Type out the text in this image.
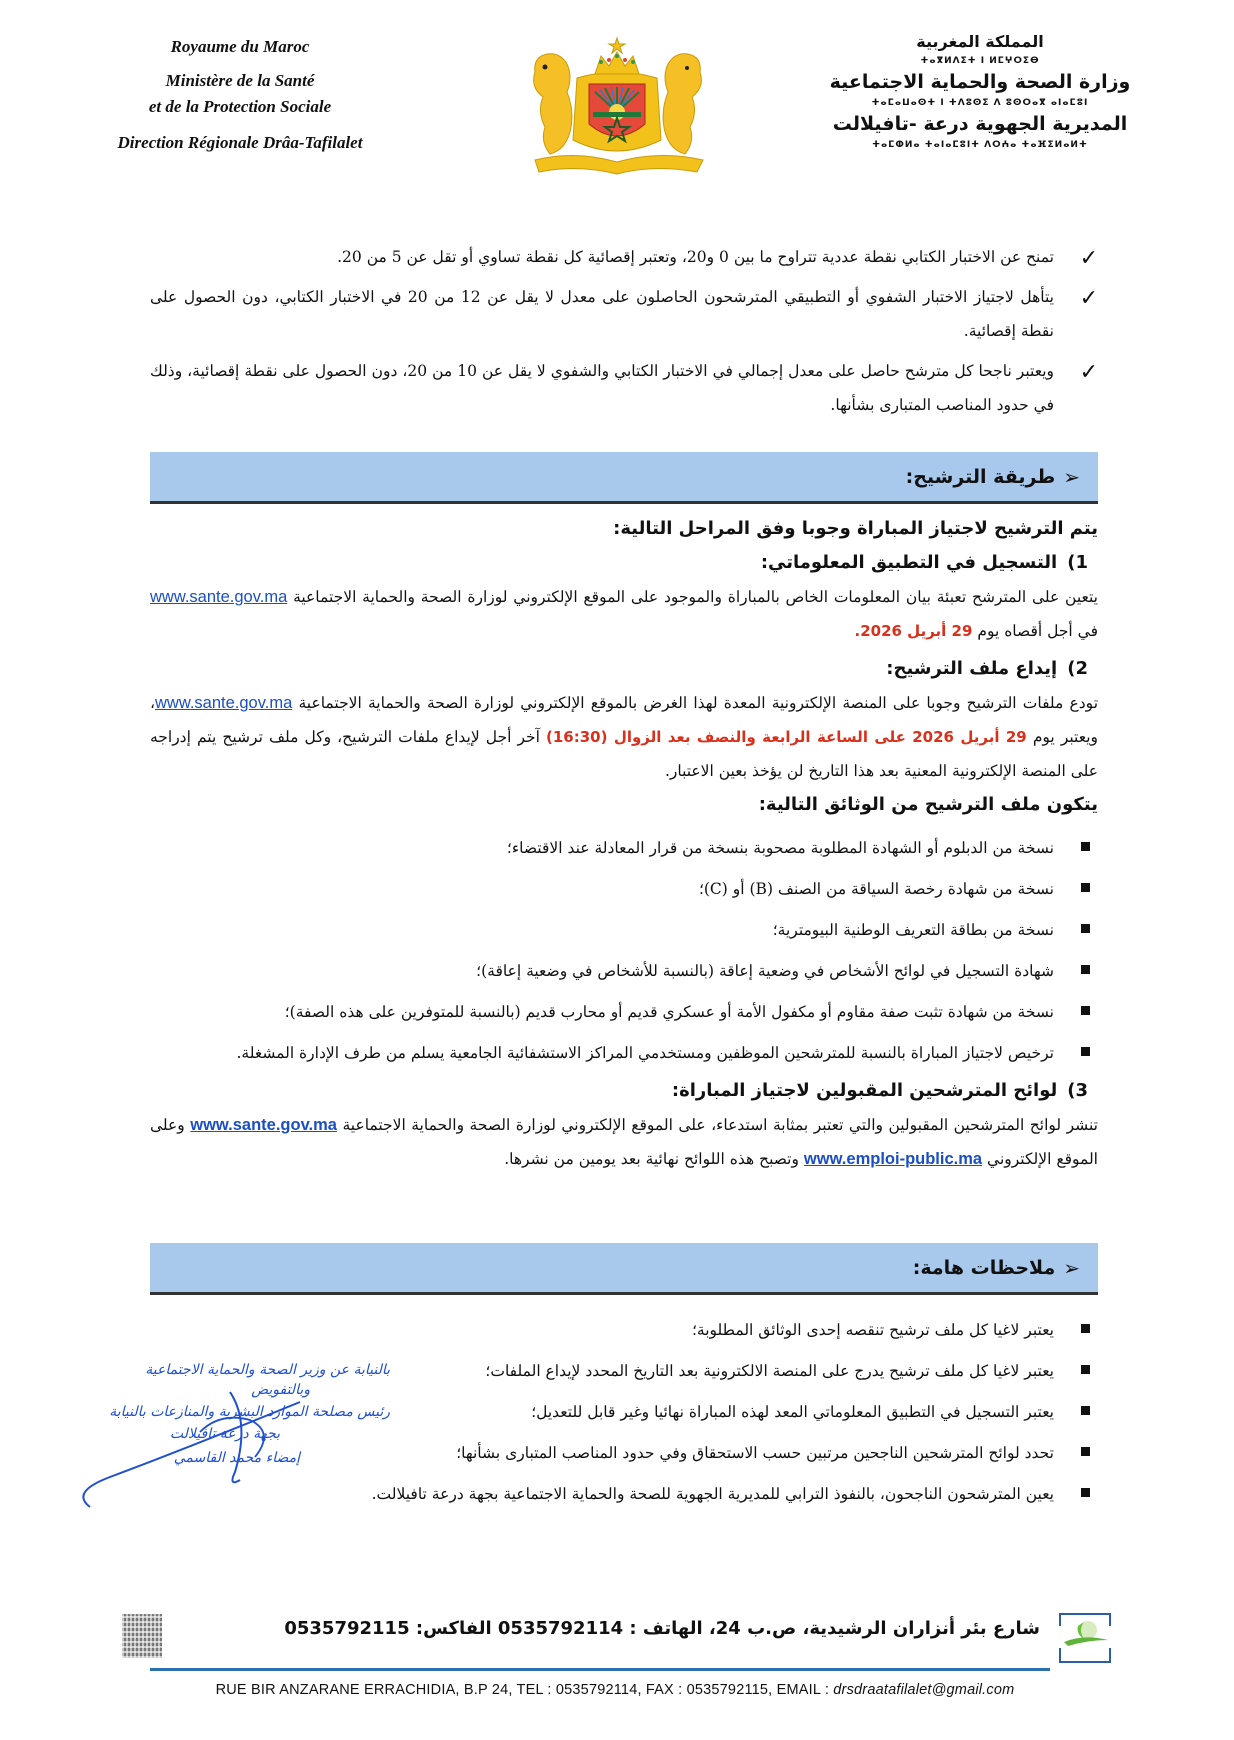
Royaume du Maroc
Ministère de la Santé
et de la Protection Sociale
Direction Régionale Drâa-Tafilalet
المملكة المغربية
ⵜⴰⴳⵍⴷⵉⵜ ⵏ ⵍⵎⵖⵔⵉⴱ
وزارة الصحة والحماية الاجتماعية
ⵜⴰⵎⴰⵡⴰⵙⵜ ⵏ ⵜⴷⵓⵙⵉ ⴷ ⵓⵙⵔⴰⴳ ⴰⵏⴰⵎⵓⵏ
المديرية الجهوية درعة -تافيلالت
ⵜⴰⵎⵀⵍⴰ ⵜⴰⵏⴰⵎⵓⵏⵜ ⴷⵔⵄⴰ ⵜⴰⴼⵉⵍⴰⵍⵜ
✓
تمنح عن الاختبار الكتابي نقطة عددية تتراوح ما بين 0 و20، وتعتبر إقصائية كل نقطة تساوي أو تقل عن 5 من 20.
✓
يتأهل لاجتياز الاختبار الشفوي أو التطبيقي المترشحون الحاصلون على معدل لا يقل عن 12 من 20 في الاختبار الكتابي، دون الحصول على نقطة إقصائية.
✓
ويعتبر ناجحا كل مترشح حاصل على معدل إجمالي في الاختبار الكتابي والشفوي لا يقل عن 10 من 20، دون الحصول على نقطة إقصائية، وذلك في حدود المناصب المتبارى بشأنها.
➢
طريقة الترشيح:
يتم الترشيح لاجتياز المباراة وجوبا وفق المراحل التالية:
1)التسجيل في التطبيق المعلوماتي:
يتعين على المترشح تعبئة بيان المعلومات الخاص بالمباراة والموجود على الموقع الإلكتروني لوزارة الصحة والحماية الاجتماعية www.sante.gov.ma في أجل أقصاه يوم 29 أبريل 2026.
2)إيداع ملف الترشيح:
تودع ملفات الترشيح وجوبا على المنصة الإلكترونية المعدة لهذا الغرض بالموقع الإلكتروني لوزارة الصحة والحماية الاجتماعية www.sante.gov.ma، ويعتبر يوم 29 أبريل 2026 على الساعة الرابعة والنصف بعد الزوال (16:30) آخر أجل لإيداع ملفات الترشيح، وكل ملف ترشيح يتم إدراجه على المنصة الإلكترونية المعنية بعد هذا التاريخ لن يؤخذ بعين الاعتبار.
يتكون ملف الترشيح من الوثائق التالية:
نسخة من الدبلوم أو الشهادة المطلوبة مصحوبة بنسخة من قرار المعادلة عند الاقتضاء؛
نسخة من شهادة رخصة السياقة من الصنف (B) أو (C)؛
نسخة من بطاقة التعريف الوطنية البيومترية؛
شهادة التسجيل في لوائح الأشخاص في وضعية إعاقة (بالنسبة للأشخاص في وضعية إعاقة)؛
نسخة من شهادة تثبت صفة مقاوم أو مكفول الأمة أو عسكري قديم أو محارب قديم (بالنسبة للمتوفرين على هذه الصفة)؛
ترخيص لاجتياز المباراة بالنسبة للمترشحين الموظفين ومستخدمي المراكز الاستشفائية الجامعية يسلم من طرف الإدارة المشغلة.
3)لوائح المترشحين المقبولين لاجتياز المباراة:
تنشر لوائح المترشحين المقبولين والتي تعتبر بمثابة استدعاء، على الموقع الإلكتروني لوزارة الصحة والحماية الاجتماعية www.sante.gov.ma وعلى الموقع الإلكتروني www.emploi-public.ma وتصبح هذه اللوائح نهائية بعد يومين من نشرها.
➢
ملاحظات هامة:
يعتبر لاغيا كل ملف ترشيح تنقصه إحدى الوثائق المطلوبة؛
يعتبر لاغيا كل ملف ترشيح يدرج على المنصة الالكترونية بعد التاريخ المحدد لإيداع الملفات؛
يعتبر التسجيل في التطبيق المعلوماتي المعد لهذه المباراة نهائيا وغير قابل للتعديل؛
تحدد لوائح المترشحين الناجحين مرتبين حسب الاستحقاق وفي حدود المناصب المتبارى بشأنها؛
يعين المترشحون الناجحون، بالنفوذ الترابي للمديرية الجهوية للصحة والحماية الاجتماعية بجهة درعة تافيلالت.
بالنيابة عن وزير الصحة والحماية الاجتماعية
وبالتفويض
رئيس مصلحة الموارد البشرية والمنازعات بالنيابة
بجهة درعة تافيلالت
إمضاء محمد القاسمي
شارع بئر أنزاران الرشيدية، ص.ب 24، الهاتف : 0535792114 الفاكس: 0535792115
RUE BIR ANZARANE ERRACHIDIA, B.P 24, TEL : 0535792114, FAX : 0535792115, EMAIL : drsdraatafilalet@gmail.com
